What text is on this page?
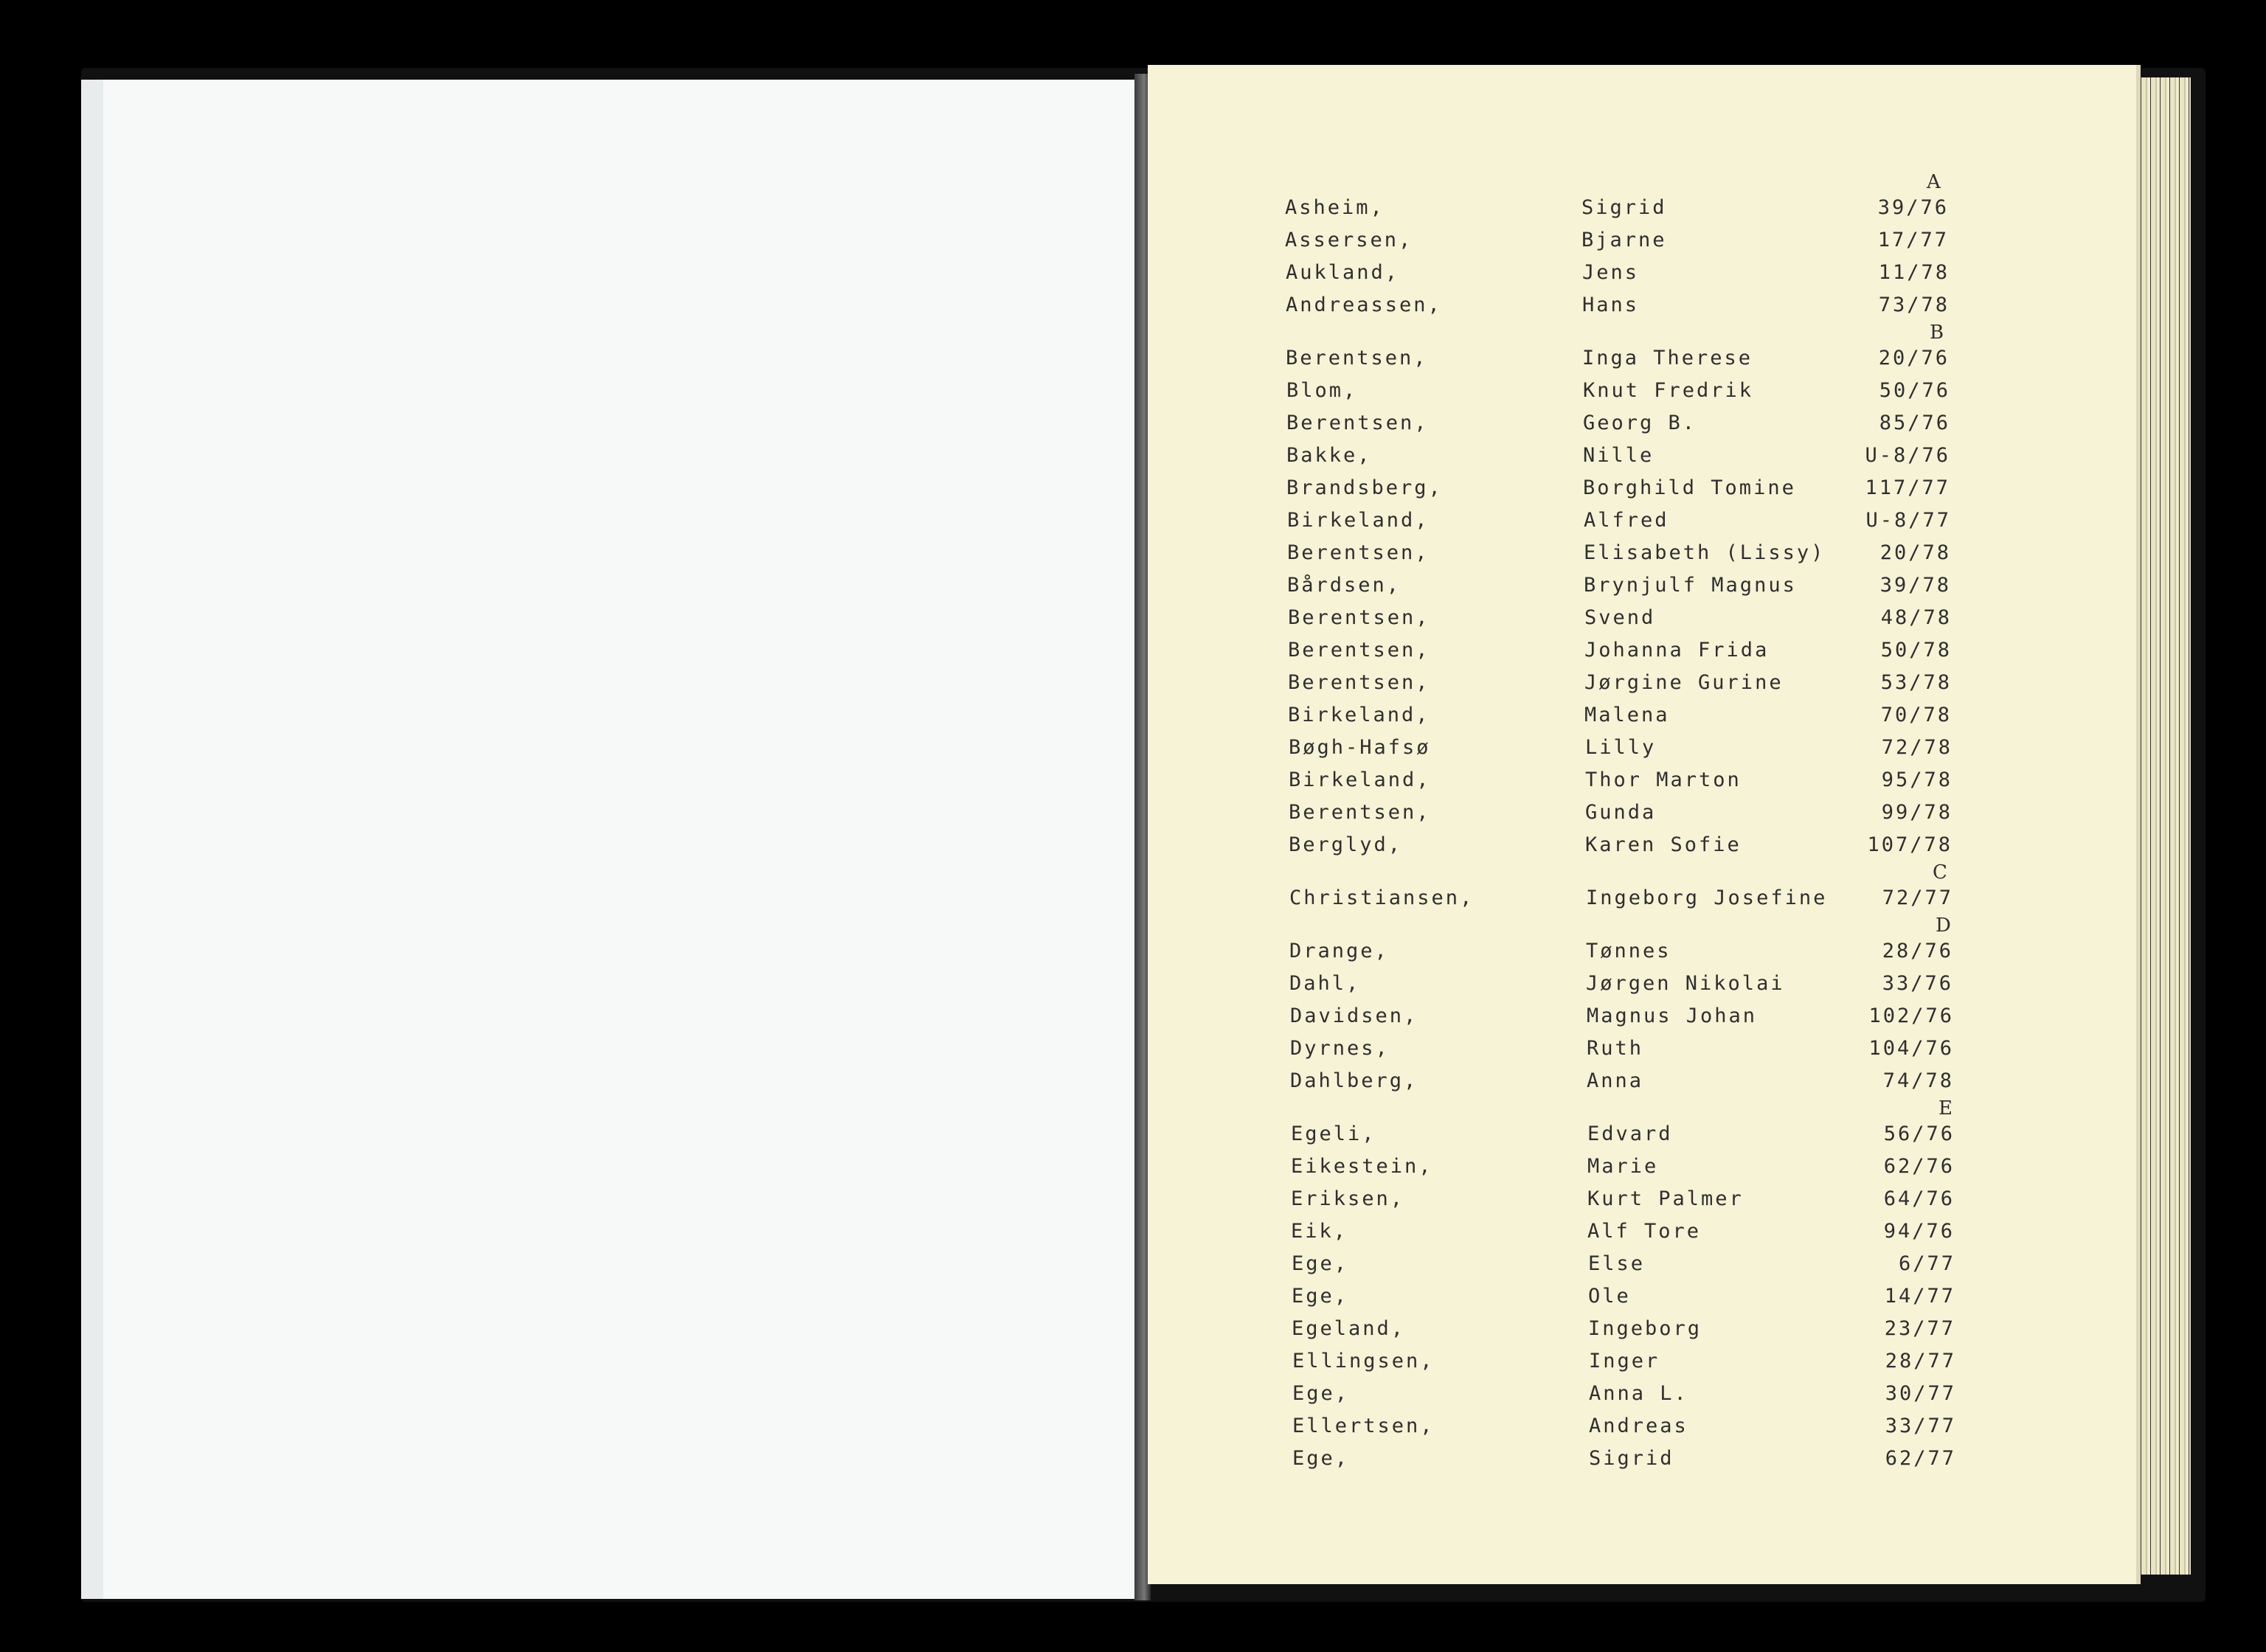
A
Asheim,	Sigrid	39/76
Assersen,	Bjarne	17/77
Aukland,	Jens	11/78
Andreassen,	Hans	73/78
B
Berentsen,	Inga Therese	20/76
Blom,	Knut Fredrik	50/76
Berentsen,	Georg B.	85/76
Bakke,	Nille	U-8/76
Brandsberg,	Borghild Tomine	117/77
Birkeland,	Alfred	U-8/77
Berentsen,	Elisabeth (Lissy)	20/78
Bårdsen,	Brynjulf Magnus	39/78
Berentsen,	Svend	48/78
Berentsen,	Johanna Frida	50/78
Berentsen,	Jørgine Gurine	53/78
Birkeland,	Malena	70/78
Bøgh-Hafsø	Lilly	72/78
Birkeland,	Thor Marton	95/78
Berentsen,	Gunda	99/78
Berglyd,	Karen Sofie	107/78
C
Christiansen,	Ingeborg Josefine	72/77
D
Drange,	Tønnes	28/76
Dahl,	Jørgen Nikolai	33/76
Davidsen,	Magnus Johan	102/76
Dyrnes,	Ruth	104/76
Dahlberg,	Anna	74/78
E
Egeli,	Edvard	56/76
Eikestein,	Marie	62/76
Eriksen,	Kurt Palmer	64/76
Eik,	Alf Tore	94/76
Ege,	Else	6/77
Ege,	Ole	14/77
Egeland,	Ingeborg	23/77
Ellingsen,	Inger	28/77
Ege,	Anna L.	30/77
Ellertsen,	Andreas	33/77
Ege,	Sigrid	62/77
